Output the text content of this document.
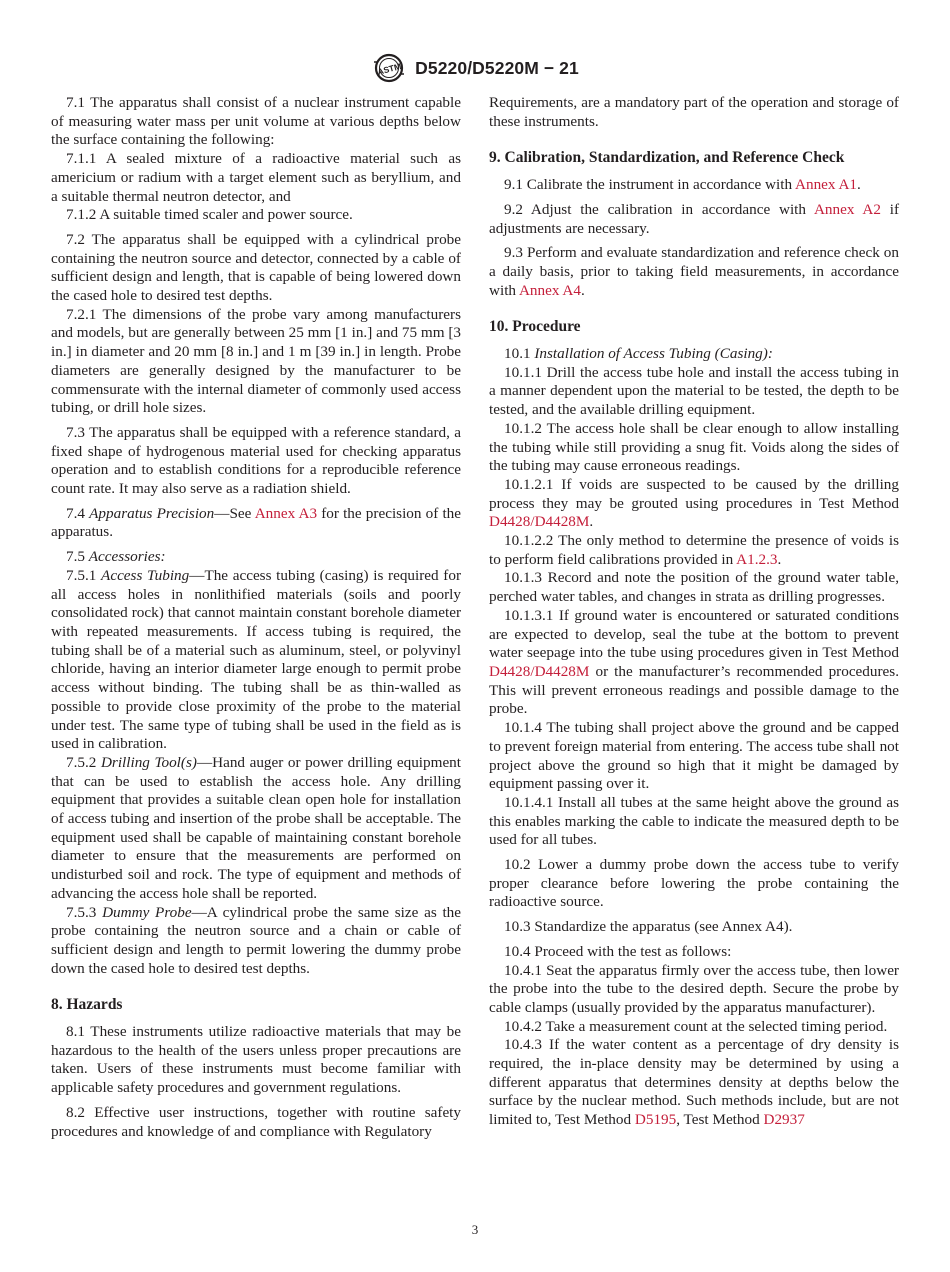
ASTM D5220/D5220M − 21

7.1 The apparatus shall consist of a nuclear instrument capable of measuring water mass per unit volume at various depths below the surface containing the following:

7.1.1 A sealed mixture of a radioactive material such as americium or radium with a target element such as beryllium, and a suitable thermal neutron detector, and

7.1.2 A suitable timed scaler and power source.

7.2 The apparatus shall be equipped with a cylindrical probe containing the neutron source and detector, connected by a cable of sufficient design and length, that is capable of being lowered down the cased hole to desired test depths.

7.2.1 The dimensions of the probe vary among manufacturers and models, but are generally between 25 mm [1 in.] and 75 mm [3 in.] in diameter and 20 mm [8 in.] and 1 m [39 in.] in length. Probe diameters are generally designed by the manufacturer to be commensurate with the internal diameter of commonly used access tubing, or drill hole sizes.

7.3 The apparatus shall be equipped with a reference standard, a fixed shape of hydrogenous material used for checking apparatus operation and to establish conditions for a reproducible reference count rate. It may also serve as a radiation shield.

7.4 Apparatus Precision—See Annex A3 for the precision of the apparatus.

7.5 Accessories:

7.5.1 Access Tubing—The access tubing (casing) is required for all access holes in nonlithified materials (soils and poorly consolidated rock) that cannot maintain constant borehole diameter with repeated measurements. If access tubing is required, the tubing shall be of a material such as aluminum, steel, or polyvinyl chloride, having an interior diameter large enough to permit probe access without binding. The tubing shall be as thin-walled as possible to provide close proximity of the probe to the material under test. The same type of tubing shall be used in the field as is used in calibration.

7.5.2 Drilling Tool(s)—Hand auger or power drilling equipment that can be used to establish the access hole. Any drilling equipment that provides a suitable clean open hole for installation of access tubing and insertion of the probe shall be acceptable. The equipment used shall be capable of maintaining constant borehole diameter to ensure that the measurements are performed on undisturbed soil and rock. The type of equipment and methods of advancing the access hole shall be reported.

7.5.3 Dummy Probe—A cylindrical probe the same size as the probe containing the neutron source and a chain or cable of sufficient design and length to permit lowering the dummy probe down the cased hole to desired test depths.

8. Hazards

8.1 These instruments utilize radioactive materials that may be hazardous to the health of the users unless proper precautions are taken. Users of these instruments must become familiar with applicable safety procedures and government regulations.

8.2 Effective user instructions, together with routine safety procedures and knowledge of and compliance with Regulatory

Requirements, are a mandatory part of the operation and storage of these instruments.

9. Calibration, Standardization, and Reference Check

9.1 Calibrate the instrument in accordance with Annex A1.

9.2 Adjust the calibration in accordance with Annex A2 if adjustments are necessary.

9.3 Perform and evaluate standardization and reference check on a daily basis, prior to taking field measurements, in accordance with Annex A4.

10. Procedure

10.1 Installation of Access Tubing (Casing):

10.1.1 Drill the access tube hole and install the access tubing in a manner dependent upon the material to be tested, the depth to be tested, and the available drilling equipment.

10.1.2 The access hole shall be clear enough to allow installing the tubing while still providing a snug fit. Voids along the sides of the tubing may cause erroneous readings.

10.1.2.1 If voids are suspected to be caused by the drilling process they may be grouted using procedures in Test Method D4428/D4428M.

10.1.2.2 The only method to determine the presence of voids is to perform field calibrations provided in A1.2.3.

10.1.3 Record and note the position of the ground water table, perched water tables, and changes in strata as drilling progresses.

10.1.3.1 If ground water is encountered or saturated conditions are expected to develop, seal the tube at the bottom to prevent water seepage into the tube using procedures given in Test Method D4428/D4428M or the manufacturer’s recommended procedures. This will prevent erroneous readings and possible damage to the probe.

10.1.4 The tubing shall project above the ground and be capped to prevent foreign material from entering. The access tube shall not project above the ground so high that it might be damaged by equipment passing over it.

10.1.4.1 Install all tubes at the same height above the ground as this enables marking the cable to indicate the measured depth to be used for all tubes.

10.2 Lower a dummy probe down the access tube to verify proper clearance before lowering the probe containing the radioactive source.

10.3 Standardize the apparatus (see Annex A4).

10.4 Proceed with the test as follows:

10.4.1 Seat the apparatus firmly over the access tube, then lower the probe into the tube to the desired depth. Secure the probe by cable clamps (usually provided by the apparatus manufacturer).

10.4.2 Take a measurement count at the selected timing period.

10.4.3 If the water content as a percentage of dry density is required, the in-place density may be determined by using a different apparatus that determines density at depths below the surface by the nuclear method. Such methods include, but are not limited to, Test Method D5195, Test Method D2937

3
